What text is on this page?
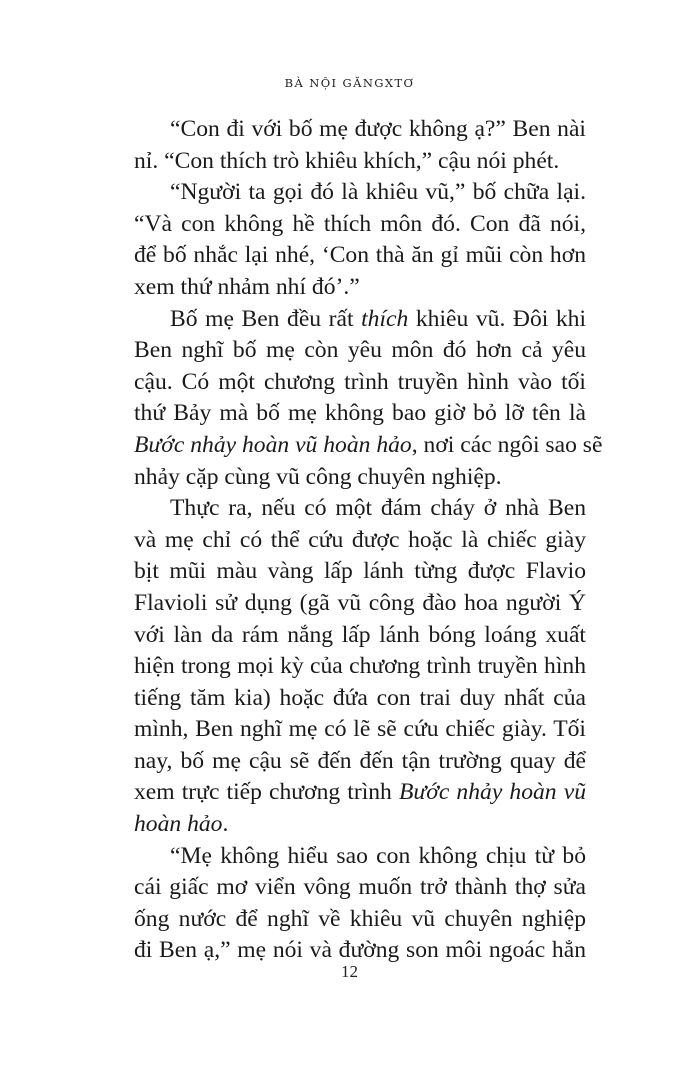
BÀ NỘI GĂNGXTƠ

“Con đi với bố mẹ được không ạ?” Ben nài
nỉ. “Con thích trò khiêu khích,” cậu nói phét.

“Người ta gọi đó là khiêu vũ,” bố chữa lại.
“Và con không hề thích môn đó. Con đã nói,
để bố nhắc lại nhé, ‘Con thà ăn gỉ mũi còn hơn
xem thứ nhảm nhí đó’.”

Bố mẹ Ben đều rất thích khiêu vũ. Đôi khi
Ben nghĩ bố mẹ còn yêu môn đó hơn cả yêu
cậu. Có một chương trình truyền hình vào tối
thứ Bảy mà bố mẹ không bao giờ bỏ lỡ tên là
Bước nhảy hoàn vũ hoàn hảo, nơi các ngôi sao sẽ
nhảy cặp cùng vũ công chuyên nghiệp.

Thực ra, nếu có một đám cháy ở nhà Ben
và mẹ chỉ có thể cứu được hoặc là chiếc giày
bịt mũi màu vàng lấp lánh từng được Flavio
Flavioli sử dụng (gã vũ công đào hoa người Ý
với làn da rám nắng lấp lánh bóng loáng xuất
hiện trong mọi kỳ của chương trình truyền hình
tiếng tăm kia) hoặc đứa con trai duy nhất của
mình, Ben nghĩ mẹ có lẽ sẽ cứu chiếc giày. Tối
nay, bố mẹ cậu sẽ đến đến tận trường quay để
xem trực tiếp chương trình Bước nhảy hoàn vũ
hoàn hảo.

“Mẹ không hiểu sao con không chịu từ bỏ
cái giấc mơ viển vông muốn trở thành thợ sửa
ống nước để nghĩ về khiêu vũ chuyên nghiệp
đi Ben ạ,” mẹ nói và đường son môi ngoác hẳn

12
